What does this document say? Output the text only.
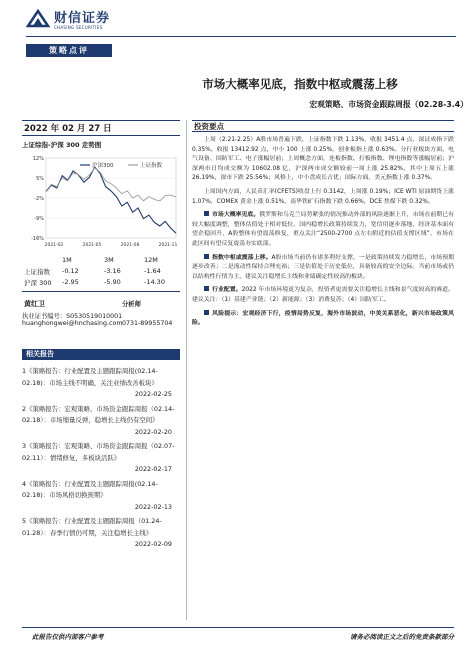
财信证券
CHASING SECURITIES
策略点评
市场大概率见底，指数中枢或震荡上移
宏观策略、市场资金跟踪周报（02.28-3.4）
2022 年 02 月 27 日
上证综指-沪深 300 走势图
12%
5%
-2%
-9%
-16%
2021-02	2021-05	2021-08	2021-11
沪深300	上证指数
1M	3M	12M
上证指数 -0.12	-3.16	-1.64
沪深 300 -2.95	-5.90	-14.30
黄红卫	分析师
执业证书编号：S0530519010001
huanghongwei@hnchasing.com 0731-89955704
相关报告
1《策略报告：行业配置及主题跟踪周报(02.14-02.18)：市场主线不明确，关注业绩改善板块》
2022-02-25
2《策略报告：宏观策略、市场资金跟踪周报（02.14-02.18）：市场缩量反弹，稳增长主线仍有空间》
2022-02-20
3《策略报告：宏观策略、市场资金跟踪周报（02.07-02.11）：情绪修复，多板块活跃》
2022-02-17
4《策略报告：行业配置及主题跟踪周报(02.14-02.18)：市场风格切换预期》
2022-02-13
5《策略报告：行业配置及主题跟踪周报（01.24-01.28）：春季行情仍可期，关注稳增长主线》
2022-02-09
投资要点

上周（2.21-2.25）A股市场普遍下跌，上证指数下跌 1.13%，收报 3451.4 点，深证成指下跌 0.35%，收报 13412.92 点，中小 100 上涨 0.25%，创业板指上涨 0.63%。分行业板块方面，电气设备、国防军工、电子涨幅居前；上周概念方面，连板指数、打板指数、锂电指数等涨幅居前；沪深两市日均成交额为 10602.08 亿，沪深两市成交额较前一周上涨 25.82%，其中上周五上涨 26.19%，深市下跌 25.56%；风格上，中小盘成长占优；国际方面，美元指数上涨 0.37%。

上周国内方面，人民币汇率(CFETS)收盘上行 0.3142，上周涨 0.19%；ICE WTI 原油期货上涨 1.07%，COMEX 黄金上涨 0.51%，南华铁矿石指数下跌 0.66%，DCE 焦煤下跌 0.32%。

市场大概率见底。俄罗斯和乌克兰局势紧张的情况推动外部的风险逐渐上升，市场在前期已有较大幅度调整，整体估值处于相对低位。国内稳增长政策持续发力，宽信用逐步落地，经济基本面有望企稳回升，A股整体有望震荡修复，重点关注“2500-2700 点左右附近的估值支撑区域”，市场在此区间有望反复震荡夯实底部。

指数中枢或震荡上移。A股市场当前仍有诸多利好支撑，一是政策持续发力稳增长，市场预期逐步改善；二是流动性保持合理充裕；三是估值处于历史低位，具备较高的安全边际。当前市场或仍以结构性行情为主，建议关注稳增长主线和业绩确定性较高的板块。

行业配置。2022 年市场环境更为复杂，投资者更需要关注稳增长主线和景气度较高的赛道。建议关注：（1）基建产业链；（2）新能源；（3）消费复苏；（4）国防军工。

风险提示：宏观经济下行，疫情局势反复，海外市场波动，中美关系恶化，新兴市场政策风险。

此报告仅供内部客户参考	请务必阅读正文之后的免责条款部分
